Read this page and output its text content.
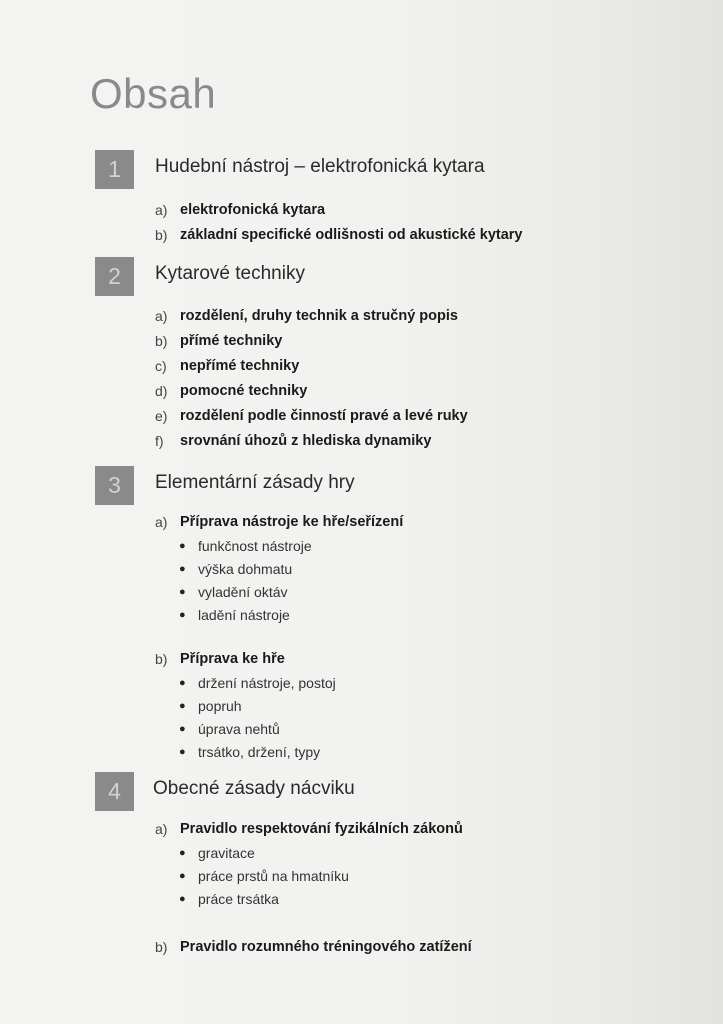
Obsah
1	Hudební nástroj – elektrofonická kytara
a) elektrofonická kytara
b) základní specifické odlišnosti od akustické kytary
2	Kytarové techniky
a) rozdělení, druhy technik a stručný popis
b) přímé techniky
c) nepřímé techniky
d) pomocné techniky
e) rozdělení podle činností pravé a levé ruky
f) srovnání úhozů z hlediska dynamiky
3	Elementární zásady hry
a) Příprava nástroje ke hře/seřízení
● funkčnost nástroje
● výška dohmatu
● vyladění oktáv
● ladění nástroje
b) Příprava ke hře
● držení nástroje, postoj
● popruh
● úprava nehtů
● trsátko, držení, typy
4	Obecné zásady nácviku
a) Pravidlo respektování fyzikálních zákonů
● gravitace
● práce prstů na hmatníku
● práce trsátka
b) Pravidlo rozumného tréningového zatížení
